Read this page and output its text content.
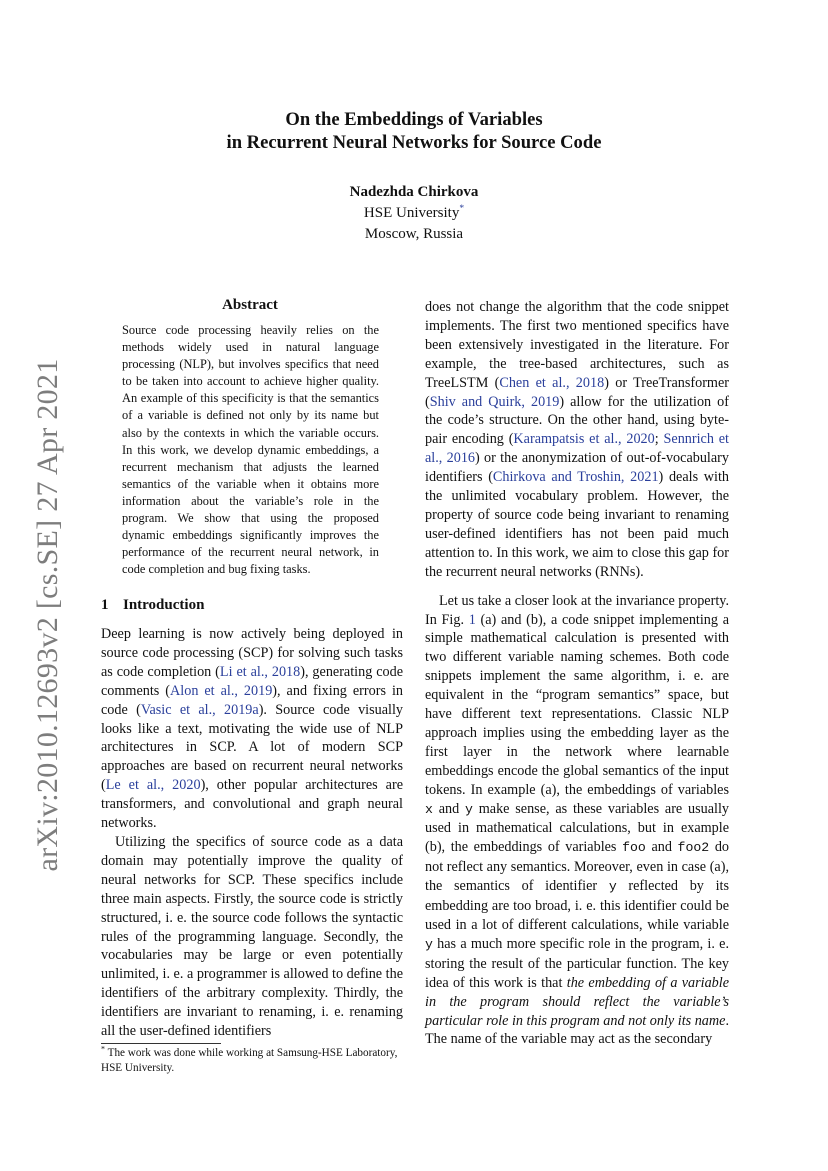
arXiv:2010.12693v2 [cs.SE] 27 Apr 2021
On the Embeddings of Variables
in Recurrent Neural Networks for Source Code
Nadezhda Chirkova
HSE University*
Moscow, Russia
Abstract
Source code processing heavily relies on the methods widely used in natural language processing (NLP), but involves specifics that need to be taken into account to achieve higher quality. An example of this specificity is that the semantics of a variable is defined not only by its name but also by the contexts in which the variable occurs. In this work, we develop dynamic embeddings, a recurrent mechanism that adjusts the learned semantics of the variable when it obtains more information about the variable’s role in the program. We show that using the proposed dynamic embeddings significantly improves the performance of the recurrent neural network, in code completion and bug fixing tasks.
1 Introduction

Deep learning is now actively being deployed in source code processing (SCP) for solving such tasks as code completion (Li et al., 2018), generating code comments (Alon et al., 2019), and fixing errors in code (Vasic et al., 2019a). Source code visually looks like a text, motivating the wide use of NLP architectures in SCP. A lot of modern SCP approaches are based on recurrent neural networks (Le et al., 2020), other popular architectures are transformers, and convolutional and graph neural networks.

Utilizing the specifics of source code as a data domain may potentially improve the quality of neural networks for SCP. These specifics include three main aspects. Firstly, the source code is strictly structured, i. e. the source code follows the syntactic rules of the programming language. Secondly, the vocabularies may be large or even potentially unlimited, i. e. a programmer is allowed to define the identifiers of the arbitrary complexity. Thirdly, the identifiers are invariant to renaming, i. e. renaming all the user-defined identifiers

does not change the algorithm that the code snippet implements. The first two mentioned specifics have been extensively investigated in the literature. For example, the tree-based architectures, such as TreeLSTM (Chen et al., 2018) or TreeTransformer (Shiv and Quirk, 2019) allow for the utilization of the code’s structure. On the other hand, using byte-pair encoding (Karampatsis et al., 2020; Sennrich et al., 2016) or the anonymization of out-of-vocabulary identifiers (Chirkova and Troshin, 2021) deals with the unlimited vocabulary problem. However, the property of source code being invariant to renaming user-defined identifiers has not been paid much attention to. In this work, we aim to close this gap for the recurrent neural networks (RNNs).

Let us take a closer look at the invariance property. In Fig. 1 (a) and (b), a code snippet implementing a simple mathematical calculation is presented with two different variable naming schemes. Both code snippets implement the same algorithm, i. e. are equivalent in the “program semantics” space, but have different text representations. Classic NLP approach implies using the embedding layer as the first layer in the network where learnable embeddings encode the global semantics of the input tokens. In example (a), the embeddings of variables x and y make sense, as these variables are usually used in mathematical calculations, but in example (b), the embeddings of variables foo and foo2 do not reflect any semantics. Moreover, even in case (a), the semantics of identifier y reflected by its embedding are too broad, i. e. this identifier could be used in a lot of different calculations, while variable y has a much more specific role in the program, i. e. storing the result of the particular function. The key idea of this work is that the embedding of a variable in the program should reflect the variable’s particular role in this program and not only its name. The name of the variable may act as the secondary

* The work was done while working at Samsung-HSE Laboratory, HSE University.
